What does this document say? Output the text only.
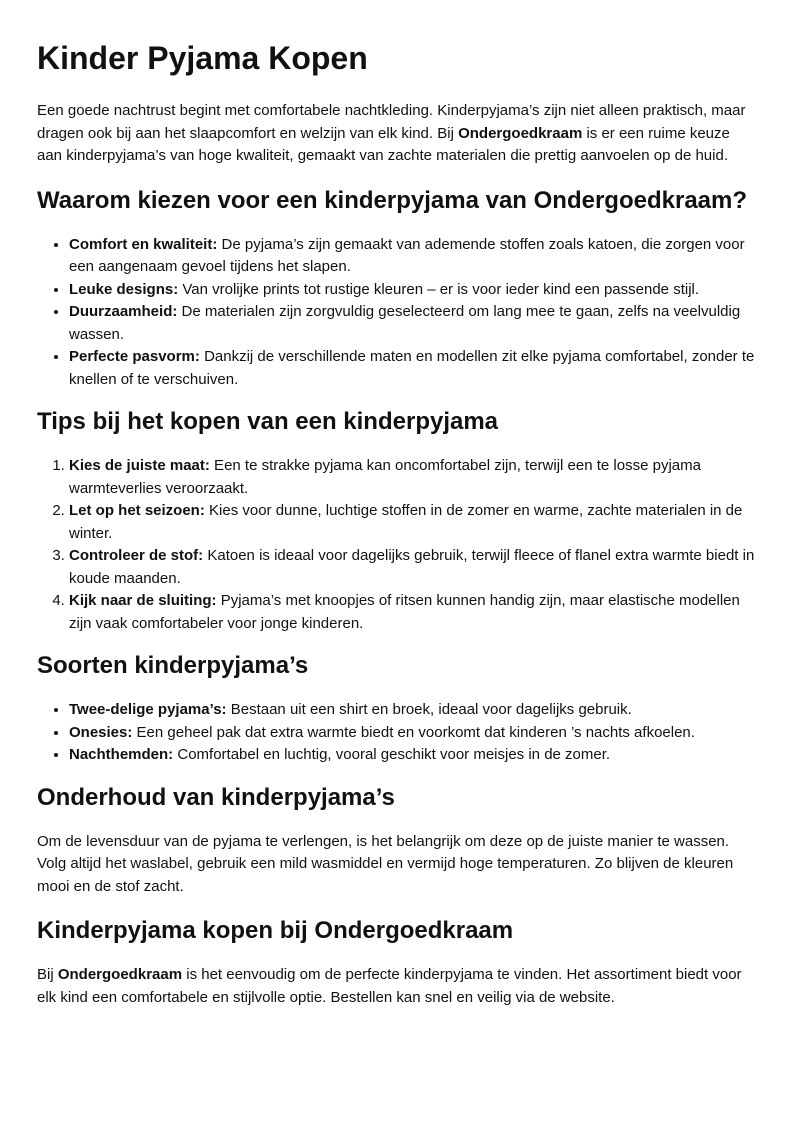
Kinder Pyjama Kopen

Een goede nachtrust begint met comfortabele nachtkleding. Kinderpyjama’s zijn niet alleen praktisch, maar dragen ook bij aan het slaapcomfort en welzijn van elk kind. Bij Ondergoedkraam is er een ruime keuze aan kinderpyjama’s van hoge kwaliteit, gemaakt van zachte materialen die prettig aanvoelen op de huid.

Waarom kiezen voor een kinderpyjama van Ondergoedkraam?
• Comfort en kwaliteit: De pyjama’s zijn gemaakt van ademende stoffen zoals katoen, die zorgen voor een aangenaam gevoel tijdens het slapen.
• Leuke designs: Van vrolijke prints tot rustige kleuren – er is voor ieder kind een passende stijl.
• Duurzaamheid: De materialen zijn zorgvuldig geselecteerd om lang mee te gaan, zelfs na veelvuldig wassen.
• Perfecte pasvorm: Dankzij de verschillende maten en modellen zit elke pyjama comfortabel, zonder te knellen of te verschuiven.
Tips bij het kopen van een kinderpyjama
1. Kies de juiste maat: Een te strakke pyjama kan oncomfortabel zijn, terwijl een te losse pyjama warmteverlies veroorzaakt.
2. Let op het seizoen: Kies voor dunne, luchtige stoffen in de zomer en warme, zachte materialen in de winter.
3. Controleer de stof: Katoen is ideaal voor dagelijks gebruik, terwijl fleece of flanel extra warmte biedt in koude maanden.
4. Kijk naar de sluiting: Pyjama’s met knoopjes of ritsen kunnen handig zijn, maar elastische modellen zijn vaak comfortabeler voor jonge kinderen.
Soorten kinderpyjama’s
• Twee-delige pyjama’s: Bestaan uit een shirt en broek, ideaal voor dagelijks gebruik.
• Onesies: Een geheel pak dat extra warmte biedt en voorkomt dat kinderen ’s nachts afkoelen.
• Nachthemden: Comfortabel en luchtig, vooral geschikt voor meisjes in de zomer.
Onderhoud van kinderpyjama’s

Om de levensduur van de pyjama te verlengen, is het belangrijk om deze op de juiste manier te wassen. Volg altijd het waslabel, gebruik een mild wasmiddel en vermijd hoge temperaturen. Zo blijven de kleuren mooi en de stof zacht.

Kinderpyjama kopen bij Ondergoedkraam

Bij Ondergoedkraam is het eenvoudig om de perfecte kinderpyjama te vinden. Het assortiment biedt voor elk kind een comfortabele en stijlvolle optie. Bestellen kan snel en veilig via de website.
